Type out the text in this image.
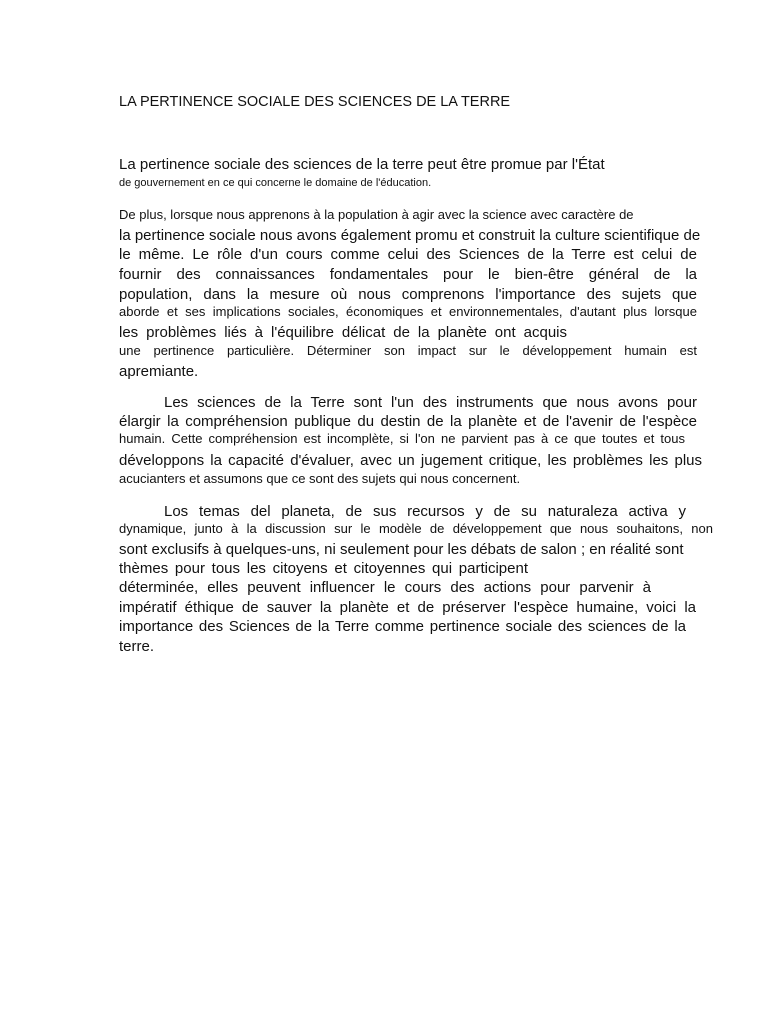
LA PERTINENCE SOCIALE DES SCIENCES DE LA TERRE
La pertinence sociale des sciences de la terre peut être promue par l'État
de gouvernement en ce qui concerne le domaine de l'éducation.
De plus, lorsque nous apprenons à la population à agir avec la science avec caractère de
la pertinence sociale nous avons également promu et construit la culture scientifique de
le même. Le rôle d'un cours comme celui des Sciences de la Terre est celui de
fournir des connaissances fondamentales pour le bien-être général de la
population, dans la mesure où nous comprenons l'importance des sujets que
aborde et ses implications sociales, économiques et environnementales, d'autant plus lorsque
les problèmes liés à l'équilibre délicat de la planète ont acquis
une pertinence particulière. Déterminer son impact sur le développement humain est
apremiante.
Les sciences de la Terre sont l'un des instruments que nous avons pour
élargir la compréhension publique du destin de la planète et de l'avenir de l'espèce
humain. Cette compréhension est incomplète, si l'on ne parvient pas à ce que toutes et tous
développons la capacité d'évaluer, avec un jugement critique, les problèmes les plus
acucianters et assumons que ce sont des sujets qui nous concernent.
Los temas del planeta, de sus recursos y de su naturaleza activa y
dynamique, junto à la discussion sur le modèle de développement que nous souhaitons, non
sont exclusifs à quelques-uns, ni seulement pour les débats de salon ; en réalité sont
thèmes pour tous les citoyens et citoyennes qui participent
déterminée, elles peuvent influencer le cours des actions pour parvenir à
impératif éthique de sauver la planète et de préserver l'espèce humaine, voici la
importance des Sciences de la Terre comme pertinence sociale des sciences de la
terre.
